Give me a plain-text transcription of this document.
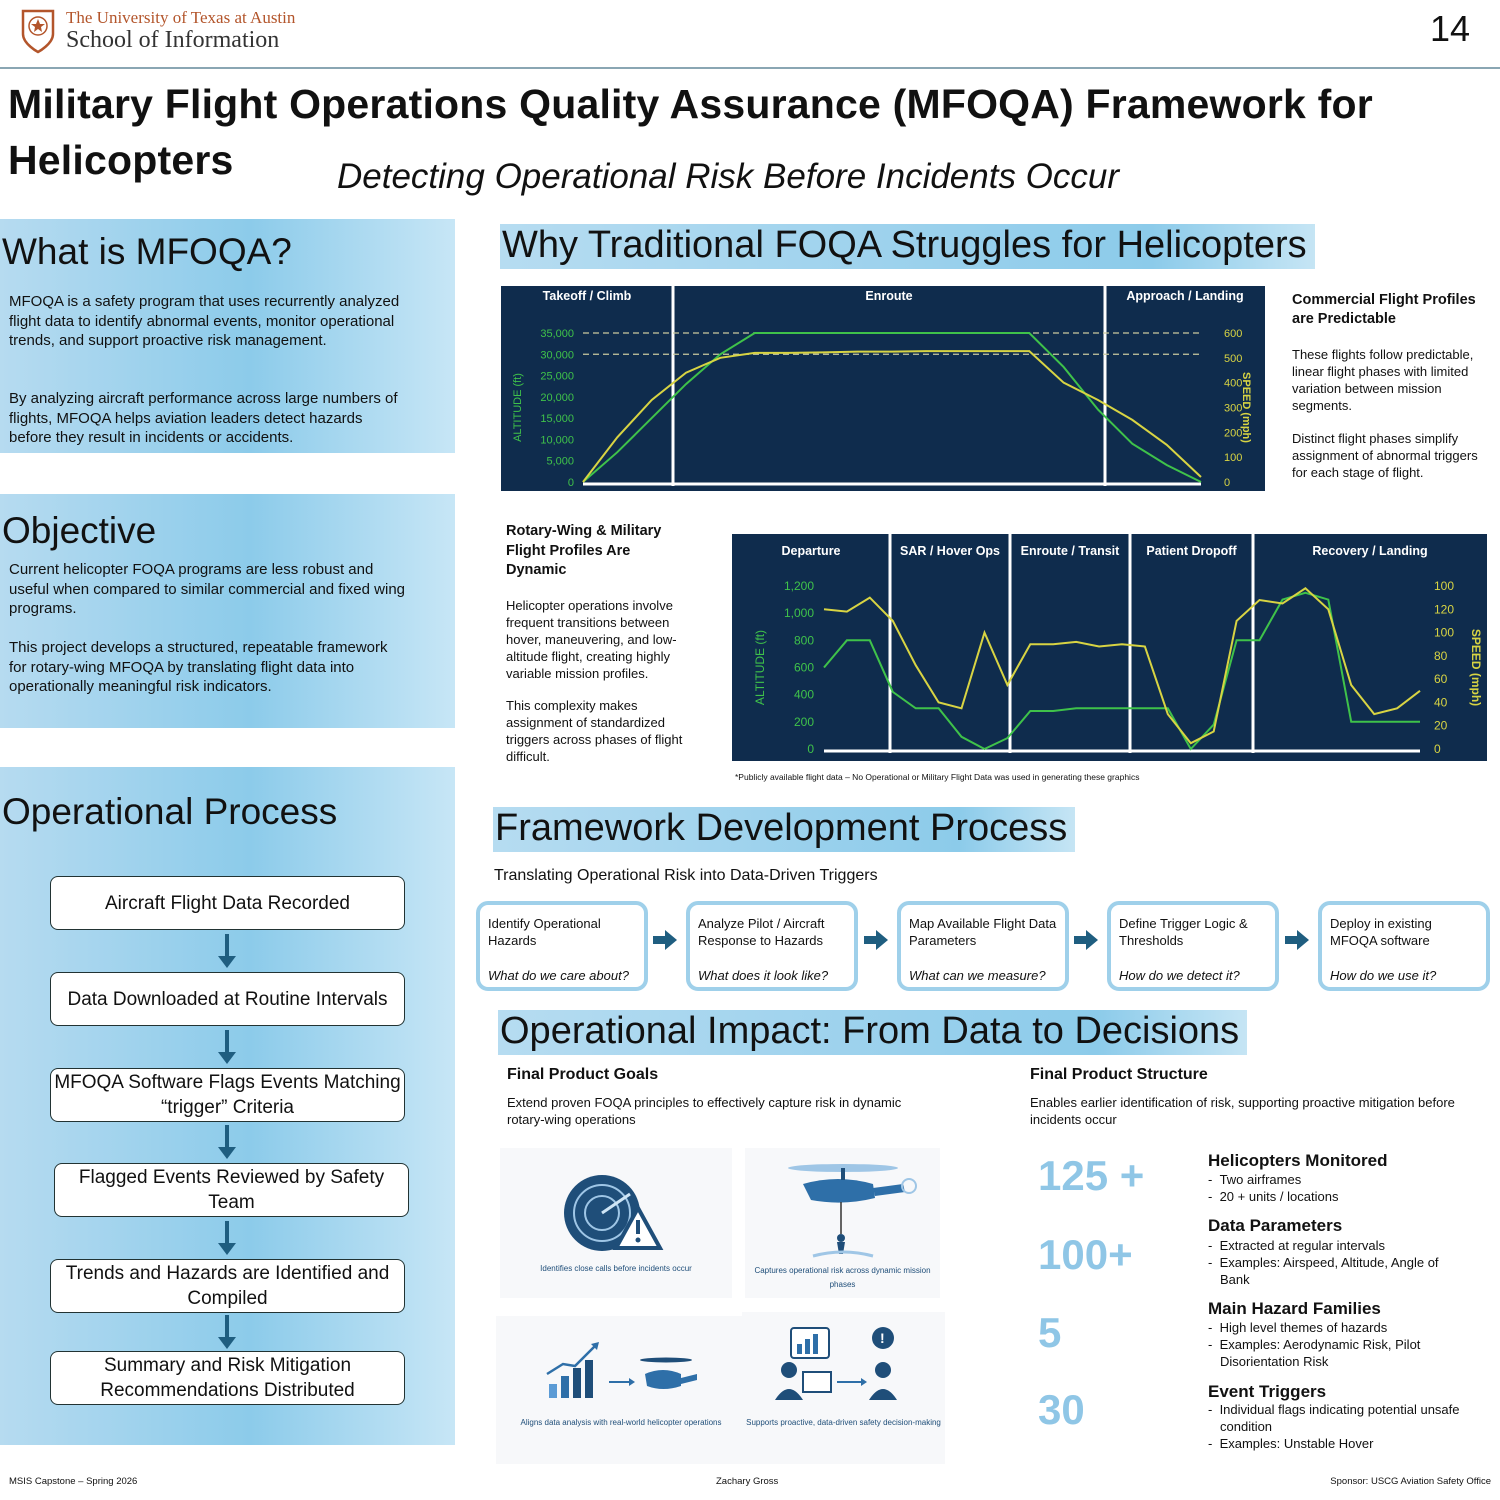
The University of Texas at Austin
School of Information	14
Military Flight Operations Quality Assurance (MFOQA) Framework for Helicopters	Detecting Operational Risk Before Incidents Occur
What is MFOQA?

MFOQA is a safety program that uses recurrently analyzed flight data to identify abnormal events, monitor operational trends, and support proactive risk management.

By analyzing aircraft performance across large numbers of flights, MFOQA helps aviation leaders detect hazards before they result in incidents or accidents.

Objective

Current helicopter FOQA programs are less robust and useful when compared to similar commercial and fixed wing programs.

This project develops a structured, repeatable framework for rotary-wing MFOQA by translating flight data into operationally meaningful risk indicators.

Operational Process
Aircraft Flight Data Recorded
Data Downloaded at Routine Intervals
MFOQA Software Flags Events Matching “trigger” Criteria
Flagged Events Reviewed by Safety Team
Trends and Hazards are Identified and Compiled
Summary and Risk Mitigation Recommendations Distributed
Why Traditional FOQA Struggles for Helicopters
Takeoff / Climb	Enroute	Approach / Landing
35,000
30,000
25,000
20,000
15,000
10,000
5,000
0
600
500
400
300
200
100
0
ALTITUDE (ft)	SPEED (mph)
Commercial Flight Profiles are Predictable
These flights follow predictable, linear flight phases with limited variation between mission segments.
Distinct flight phases simplify assignment of abnormal triggers for each stage of flight.
Rotary-Wing & Military Flight Profiles Are Dynamic
Helicopter operations involve frequent transitions between hover, maneuvering, and low-altitude flight, creating highly variable mission profiles.
This complexity makes assignment of standardized triggers across phases of flight difficult.
Departure	SAR / Hover Ops Enroute / Transit Patient Dropoff	Recovery / Landing
1,200
1,000
800
600
400
200
0
100
120
100
80
60
40
20
0
ALTITUDE (ft)	SPEED (mph)
*Publicly available flight data – No Operational or Military Flight Data was used in generating these graphics
Framework Development Process
Translating Operational Risk into Data-Driven Triggers
Identify Operational Hazards
What do we care about?
Analyze Pilot / Aircraft Response to Hazards
What does it look like?
Map Available Flight Data Parameters
What can we measure?
Define Trigger Logic & Thresholds
How do we detect it?
Deploy in existing MFOQA software
How do we use it?
Operational Impact: From Data to Decisions
Final Product Goals
Extend proven FOQA principles to effectively capture risk in dynamic rotary-wing operations
Final Product Structure
Enables earlier identification of risk, supporting proactive mitigation before incidents occur
Identifies close calls before incidents occur	Captures operational risk across dynamic mission phases
Aligns data analysis with real-world helicopter operations
!
Supports proactive, data-driven safety decision-making
125 +	Helicopters Monitored
-  Two airframes
-  20 + units / locations
100+
Data Parameters
-  Extracted at regular intervals
-  Examples: Airspeed, Altitude, Angle of Bank
5
Main Hazard Families
-  High level themes of hazards
-  Examples: Aerodynamic Risk, Pilot Disorientation Risk
30	Event Triggers
-  Individual flags indicating potential unsafe condition
-  Examples: Unstable Hover
MSIS Capstone – Spring 2026	Zachary Gross	Sponsor: USCG Aviation Safety Office
